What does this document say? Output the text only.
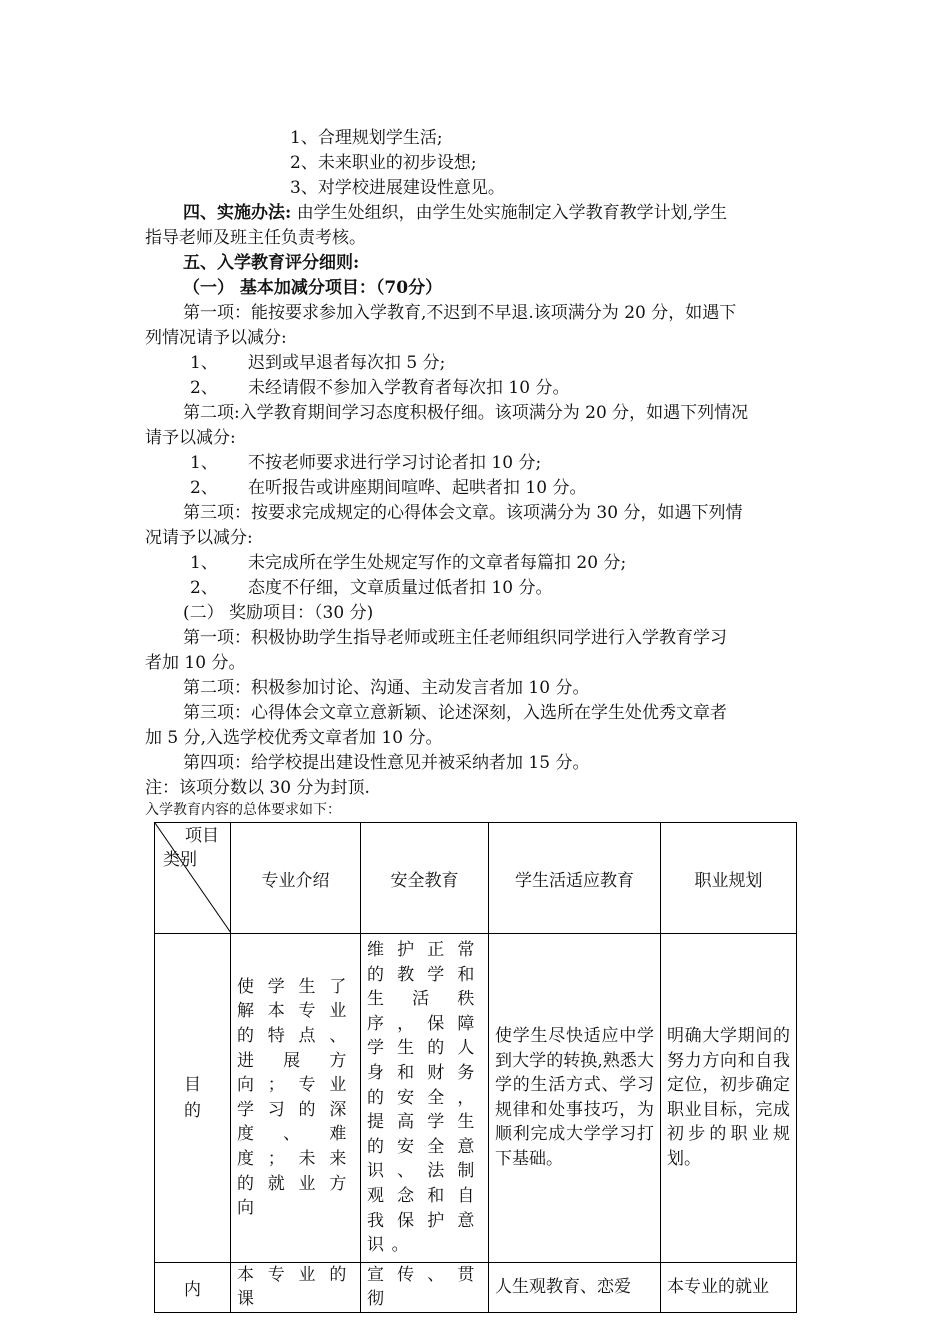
1、合理规划学生活;
2、未来职业的初步设想;
3、对学校进展建设性意见。
四、实施办法: 由学生处组织，由学生处实施制定入学教育教学计划,学生
指导老师及班主任负责考核。
五、入学教育评分细则:
（一） 基本加减分项目：（70分）
第一项：能按要求参加入学教育,不迟到不早退.该项满分为 20 分，如遇下
列情况请予以减分:
1、 迟到或早退者每次扣 5 分;
2、 未经请假不参加入学教育者每次扣 10 分。
第二项:入学教育期间学习态度积极仔细。该项满分为 20 分，如遇下列情况
请予以减分:
1、 不按老师要求进行学习讨论者扣 10 分;
2、 在听报告或讲座期间喧哗、起哄者扣 10 分。
第三项：按要求完成规定的心得体会文章。该项满分为 30 分，如遇下列情
况请予以减分:
1、 未完成所在学生处规定写作的文章者每篇扣 20 分;
2、 态度不仔细，文章质量过低者扣 10 分。
(二） 奖励项目：（30 分)
第一项：积极协助学生指导老师或班主任老师组织同学进行入学教育学习
者加 10 分。
第二项：积极参加讨论、沟通、主动发言者加 10 分。
第三项：心得体会文章立意新颖、论述深刻，入选所在学生处优秀文章者
加 5 分,入选学校优秀文章者加 10 分。
第四项：给学校提出建设性意见并被采纳者加 15 分。
注：该项分数以 30 分为封顶.
入学教育内容的总体要求如下：
项目
类别	专业介绍	安全教育	学生活适应教育	职业规划
目的	使学生了解本专业的特点、进展方向；专业学习的深度、难度；未来的就业方向	维护正常的教学和生活秩序，保障学生的人身和财务的安全，提高学生的安全意识、法制观念和自我保护意识。	使学生尽快适应中学到大学的转换,熟悉大学的生活方式、学习规律和处事技巧，为顺利完成大学学习打下基础。	明确大学期间的努力方向和自我定位，初步确定职业目标，完成初步的职业规划。

内	本专业的课	宣传、贯彻	人生观教育、恋爱	本专业的就业
